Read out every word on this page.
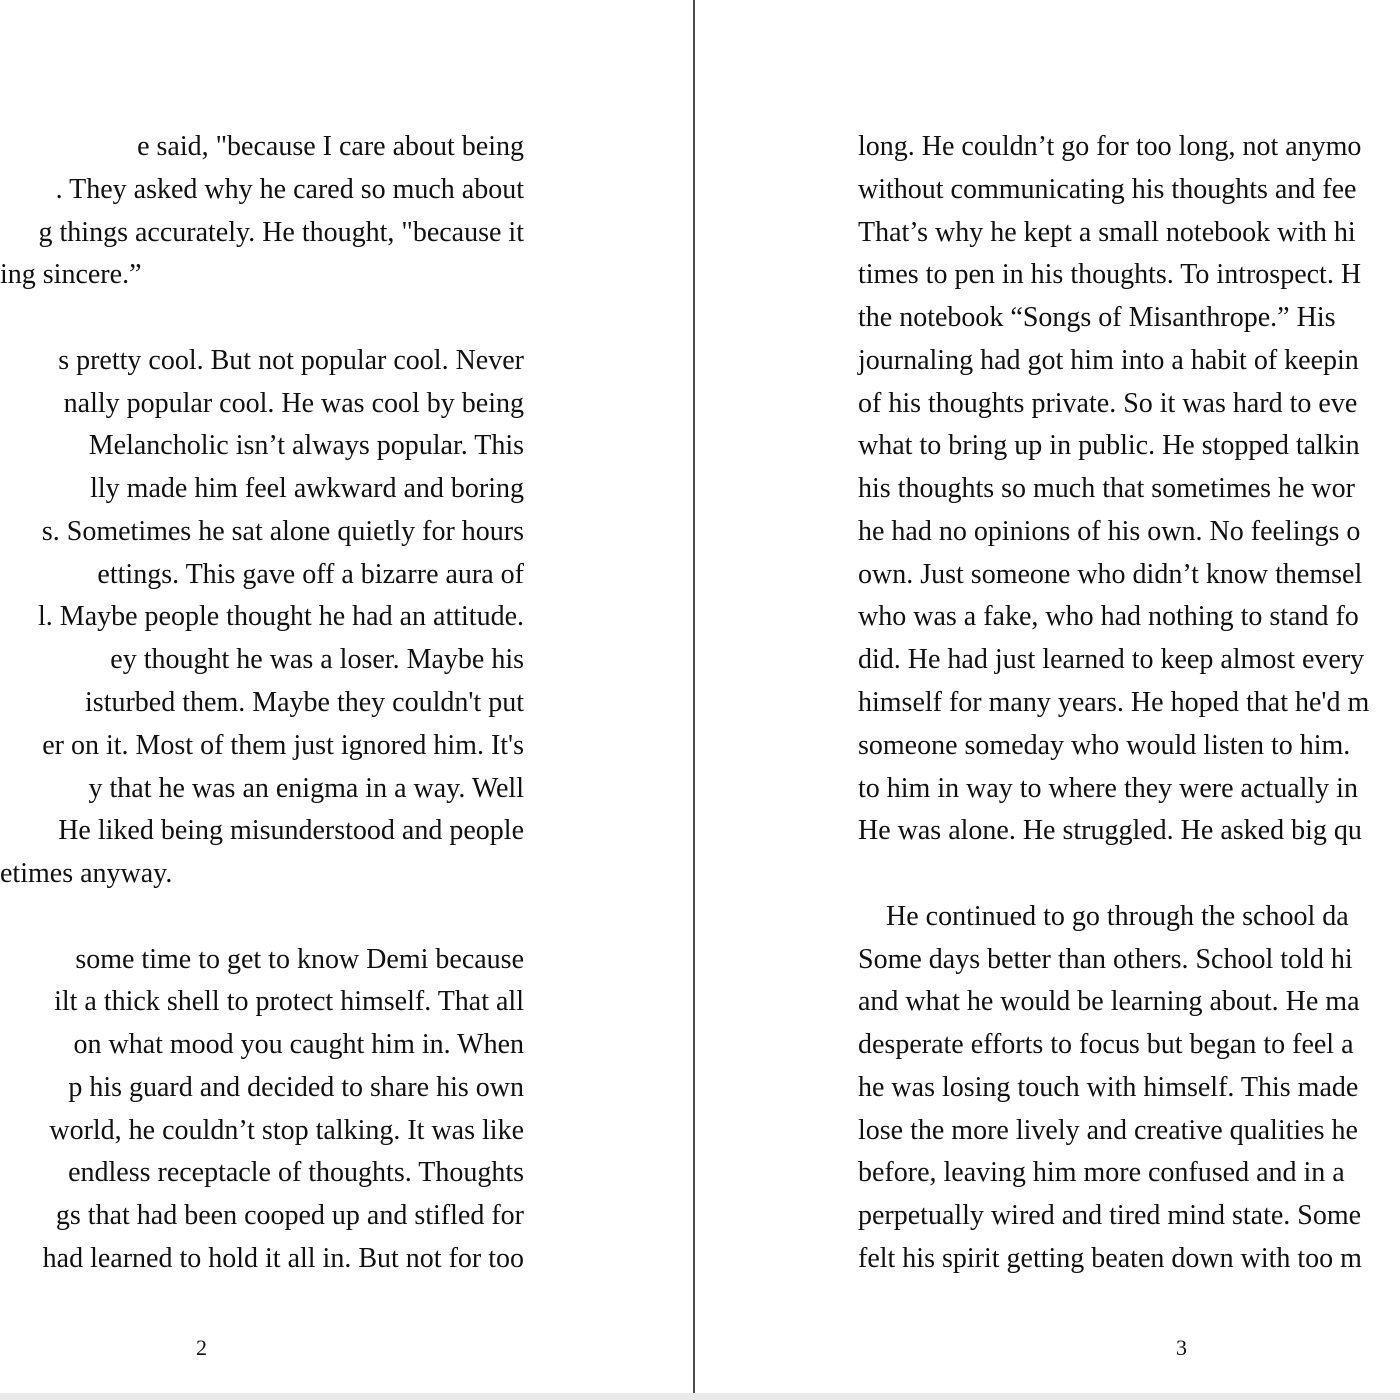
e said, "because I care about being
. They asked why he cared so much about
g things accurately. He thought, "because it
ing sincere.”
s pretty cool. But not popular cool. Never
nally popular cool. He was cool by being
Melancholic isn’t always popular. This
lly made him feel awkward and boring
s. Sometimes he sat alone quietly for hours
ettings. This gave off a bizarre aura of
l. Maybe people thought he had an attitude.
ey thought he was a loser. Maybe his
isturbed them. Maybe they couldn't put
er on it. Most of them just ignored him. It's
y that he was an enigma in a way. Well
He liked being misunderstood and people
etimes anyway.
some time to get to know Demi because
ilt a thick shell to protect himself. That all
on what mood you caught him in. When
p his guard and decided to share his own
world, he couldn’t stop talking. It was like
endless receptacle of thoughts. Thoughts
gs that had been cooped up and stifled for
had learned to hold it all in. But not for too
2
long. He couldn’t go for too long, not anymo
without communicating his thoughts and fee
That’s why he kept a small notebook with hi
times to pen in his thoughts. To introspect. H
the notebook “Songs of Misanthrope.” His
journaling had got him into a habit of keepin
of his thoughts private. So it was hard to eve
what to bring up in public. He stopped talkin
his thoughts so much that sometimes he wor
he had no opinions of his own. No feelings o
own. Just someone who didn’t know themsel
who was a fake, who had nothing to stand fo
did. He had just learned to keep almost every
himself for many years. He hoped that he'd m
someone someday who would listen to him.
to him in way to where they were actually in
He was alone. He struggled. He asked big qu
He continued to go through the school da
Some days better than others. School told hi
and what he would be learning about. He ma
desperate efforts to focus but began to feel a
he was losing touch with himself. This made
lose the more lively and creative qualities he
before, leaving him more confused and in a
perpetually wired and tired mind state. Some
felt his spirit getting beaten down with too m
3
